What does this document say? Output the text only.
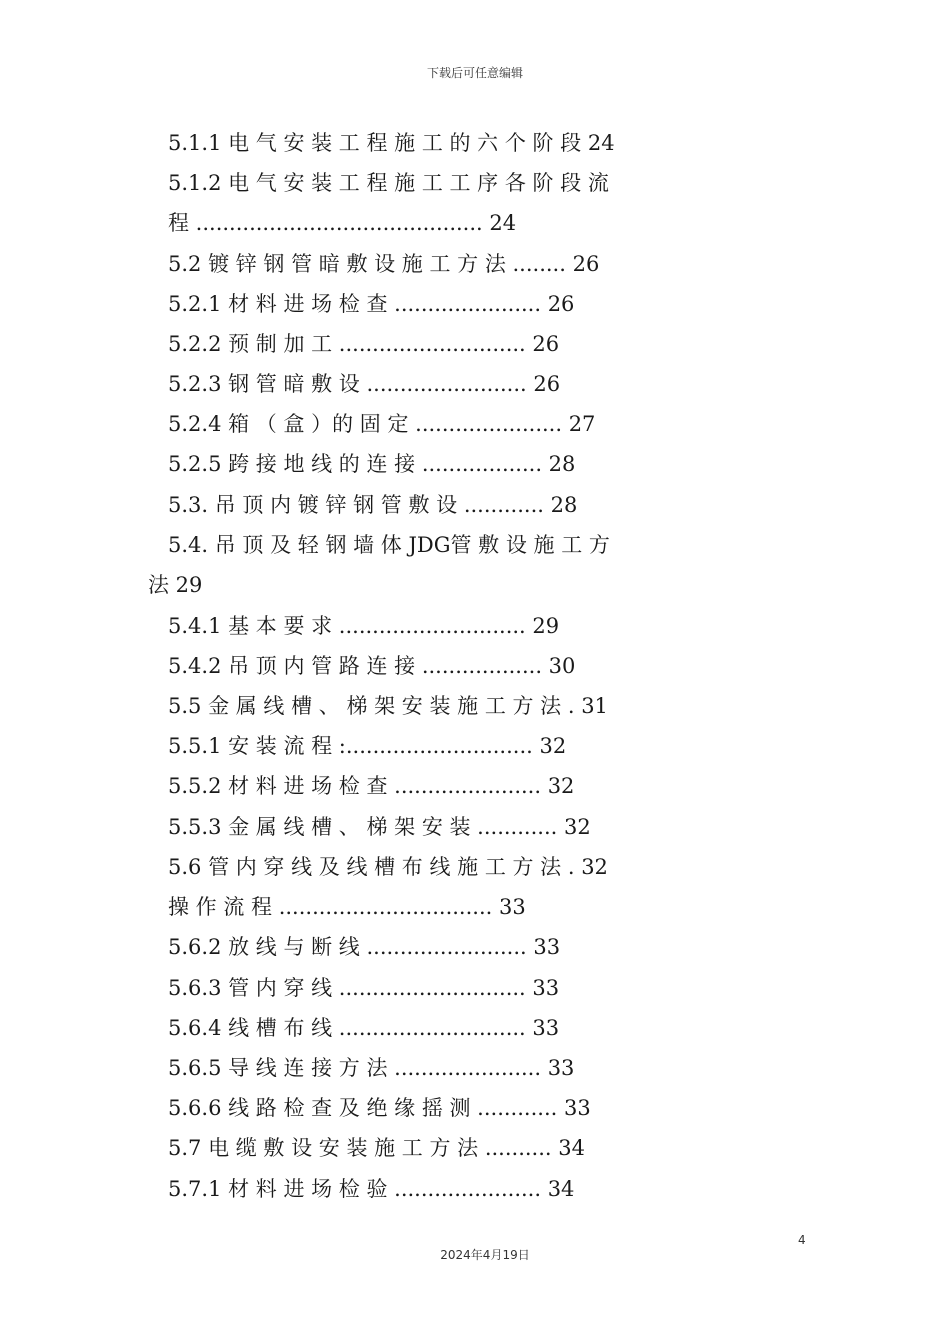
下载后可任意编辑
5.1.1 电 气 安 装 工 程 施 工 的 六 个 阶 段 24
5.1.2 电 气 安 装 工 程 施 工 工 序 各 阶 段 流
程 ........................................... 24
5.2 镀 锌 钢 管 暗 敷 设 施 工 方 法 ........ 26
5.2.1 材 料 进 场 检 查 ...................... 26
5.2.2 预 制 加 工 ............................ 26
5.2.3 钢 管 暗 敷 设 ........................ 26
5.2.4 箱 （ 盒 ）的 固 定 ...................... 27
5.2.5 跨 接 地 线 的 连 接 .................. 28
5.3. 吊 顶 内 镀 锌 钢 管 敷 设 ............ 28
5.4. 吊 顶 及 轻 钢 墙 体 JDG管 敷 设 施 工 方
法 29
5.4.1 基 本 要 求 ............................ 29
5.4.2 吊 顶 内 管 路 连 接 .................. 30
5.5 金 属 线 槽 、 梯 架 安 装 施 工 方 法 . 31
5.5.1 安 装 流 程 :............................ 32
5.5.2 材 料 进 场 检 查 ...................... 32
5.5.3 金 属 线 槽 、 梯 架 安 装 ............ 32
5.6 管 内 穿 线 及 线 槽 布 线 施 工 方 法 . 32
操 作 流 程 ................................ 33
5.6.2 放 线 与 断 线 ........................ 33
5.6.3 管 内 穿 线 ............................ 33
5.6.4 线 槽 布 线 ............................ 33
5.6.5 导 线 连 接 方 法 ...................... 33
5.6.6 线 路 检 查 及 绝 缘 摇 测 ............ 33
5.7 电 缆 敷 设 安 装 施 工 方 法 .......... 34
5.7.1 材 料 进 场 检 验 ...................... 34
4
2024年4月19日
